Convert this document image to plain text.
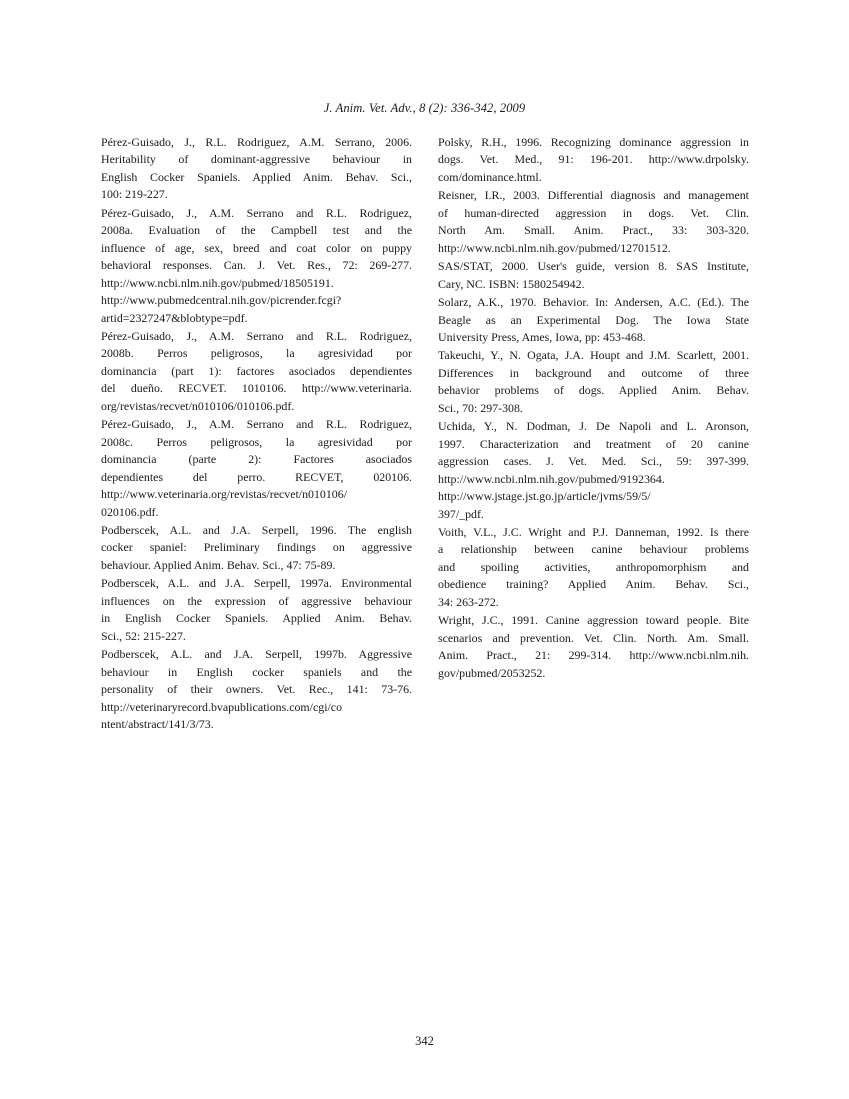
J. Anim. Vet. Adv., 8 (2): 336-342, 2009
Pérez-Guisado, J., R.L. Rodriguez, A.M. Serrano, 2006.
Heritability of dominant-aggressive behaviour in
English Cocker Spaniels. Applied Anim. Behav. Sci.,
100: 219-227.
Pérez-Guisado, J., A.M. Serrano and R.L. Rodriguez,
2008a. Evaluation of the Campbell test and the
influence of age, sex, breed and coat color on puppy
behavioral responses. Can. J. Vet. Res., 72: 269-277.
http://www.ncbi.nlm.nih.gov/pubmed/18505191.
http://www.pubmedcentral.nih.gov/picrender.fcgi?
artid=2327247&blobtype=pdf.
Pérez-Guisado, J., A.M. Serrano and R.L. Rodriguez,
2008b. Perros peligrosos, la agresividad por
dominancia (part 1): factores asociados dependientes
del dueño. RECVET. 1010106. http://www.veterinaria.
org/revistas/recvet/n010106/010106.pdf.
Pérez-Guisado, J., A.M. Serrano and R.L. Rodriguez,
2008c. Perros peligrosos, la agresividad por
dominancia (parte 2): Factores asociados
dependientes del perro. RECVET, 020106.
http://www.veterinaria.org/revistas/recvet/n010106/
020106.pdf.
Podberscek, A.L. and J.A. Serpell, 1996. The english
cocker spaniel: Preliminary findings on aggressive
behaviour. Applied Anim. Behav. Sci., 47: 75-89.
Podberscek, A.L. and J.A. Serpell, 1997a. Environmental
influences on the expression of aggressive behaviour
in English Cocker Spaniels. Applied Anim. Behav.
Sci., 52: 215-227.
Podberscek, A.L. and J.A. Serpell, 1997b. Aggressive
behaviour in English cocker spaniels and the
personality of their owners. Vet. Rec., 141: 73-76.
http://veterinaryrecord.bvapublications.com/cgi/co
ntent/abstract/141/3/73.
Polsky, R.H., 1996. Recognizing dominance aggression in
dogs. Vet. Med., 91: 196-201. http://www.drpolsky.
com/dominance.html.
Reisner, I.R., 2003. Differential diagnosis and management
of human-directed aggression in dogs. Vet. Clin.
North Am. Small. Anim. Pract., 33: 303-320.
http://www.ncbi.nlm.nih.gov/pubmed/12701512.
SAS/STAT, 2000. User's guide, version 8. SAS Institute,
Cary, NC. ISBN: 1580254942.
Solarz, A.K., 1970. Behavior. In: Andersen, A.C. (Ed.). The
Beagle as an Experimental Dog. The Iowa State
University Press, Ames, Iowa, pp: 453-468.
Takeuchi, Y., N. Ogata, J.A. Houpt and J.M. Scarlett, 2001.
Differences in background and outcome of three
behavior problems of dogs. Applied Anim. Behav.
Sci., 70: 297-308.
Uchida, Y., N. Dodman, J. De Napoli and L. Aronson,
1997. Characterization and treatment of 20 canine
aggression cases. J. Vet. Med. Sci., 59: 397-399.
http://www.ncbi.nlm.nih.gov/pubmed/9192364.
http://www.jstage.jst.go.jp/article/jvms/59/5/
397/_pdf.
Voith, V.L., J.C. Wright and P.J. Danneman, 1992. Is there
a relationship between canine behaviour problems
and spoiling activities, anthropomorphism and
obedience training? Applied Anim. Behav. Sci.,
34: 263-272.
Wright, J.C., 1991. Canine aggression toward people. Bite
scenarios and prevention. Vet. Clin. North. Am. Small.
Anim. Pract., 21: 299-314. http://www.ncbi.nlm.nih.
gov/pubmed/2053252.
342
